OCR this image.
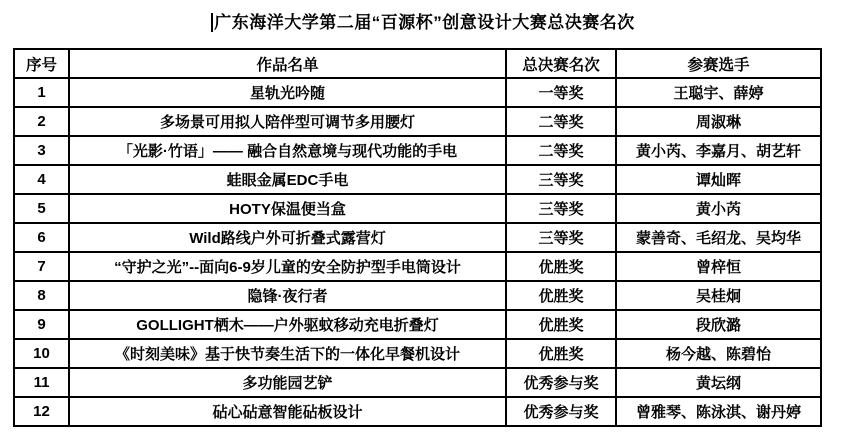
广东海洋大学第二届“百源杯”创意设计大赛总决赛名次
序号	作品名单	总决赛名次	参赛选手
1	星轨光吟随	一等奖	王聪宇、薛婷
2	多场景可用拟人陪伴型可调节多用腰灯	二等奖	周淑琳
3	「光影·竹语」—— 融合自然意境与现代功能的手电	二等奖	黄小芮、李嘉月、胡艺轩
4	蛙眼金属EDC手电	三等奖	谭灿晖
5	HOTY保温便当盒	三等奖	黄小芮
6	Wild路线户外可折叠式露营灯	三等奖	蒙善奇、毛绍龙、吴均华
7	“守护之光”--面向6-9岁儿童的安全防护型手电筒设计	优胜奖	曾梓恒
8	隐锋·夜行者	优胜奖	吴桂炯
9	GOLLIGHT栖木——户外驱蚊移动充电折叠灯	优胜奖	段欣潞
10	《时刻美味》基于快节奏生活下的一体化早餐机设计	优胜奖	杨今越、陈碧怡
11	多功能园艺铲	优秀参与奖	黄坛纲
12	砧心砧意智能砧板设计	优秀参与奖	曾雅琴、陈泳淇、谢丹婷
